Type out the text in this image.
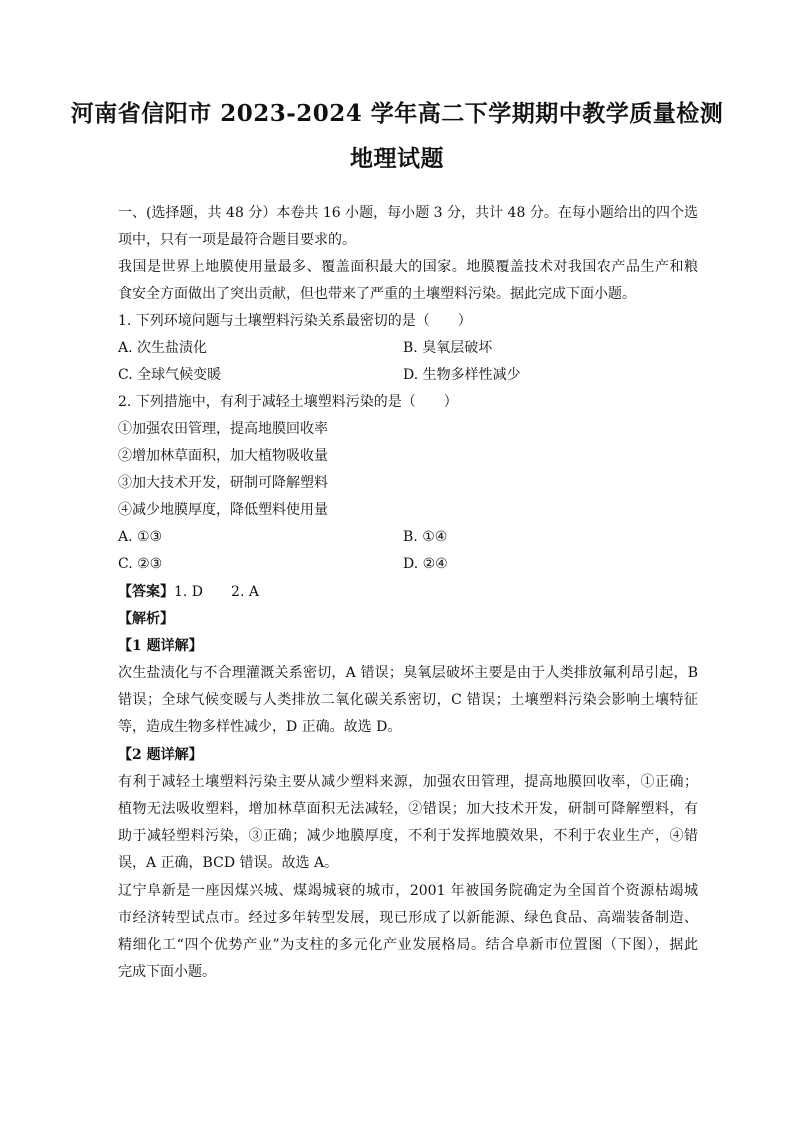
河南省信阳市 2023-2024 学年高二下学期期中教学质量检测
地理试题
一、(选择题，共 48 分）本卷共 16 小题，每小题 3 分，共计 48 分。在每小题给出的四个选
项中，只有一项是最符合题目要求的。
我国是世界上地膜使用量最多、覆盖面积最大的国家。地膜覆盖技术对我国农产品生产和粮
食安全方面做出了突出贡献，但也带来了严重的土壤塑料污染。据此完成下面小题。
1. 下列环境问题与土壤塑料污染关系最密切的是（　　）
A. 次生盐渍化	B. 臭氧层破坏
C. 全球气候变暖	D. 生物多样性减少
2. 下列措施中，有利于减轻土壤塑料污染的是（　　）
①加强农田管理，提高地膜回收率
②增加林草面积，加大植物吸收量
③加大技术开发，研制可降解塑料
④减少地膜厚度，降低塑料使用量
A. ①③	B. ①④
C. ②③	D. ②④
【答案】1. D 2. A
【解析】
【1 题详解】
次生盐渍化与不合理灌溉关系密切，A 错误；臭氧层破坏主要是由于人类排放氟利昂引起，B
错误；全球气候变暖与人类排放二氧化碳关系密切，C 错误；土壤塑料污染会影响土壤特征
等，造成生物多样性减少，D 正确。故选 D。
【2 题详解】
有利于减轻土壤塑料污染主要从减少塑料来源，加强农田管理，提高地膜回收率，①正确；
植物无法吸收塑料，增加林草面积无法减轻，②错误；加大技术开发，研制可降解塑料，有
助于减轻塑料污染，③正确；减少地膜厚度，不利于发挥地膜效果，不利于农业生产，④错
误，A 正确，BCD 错误。故选 A。
辽宁阜新是一座因煤兴城、煤竭城衰的城市，2001 年被国务院确定为全国首个资源枯竭城
市经济转型试点市。经过多年转型发展，现已形成了以新能源、绿色食品、高端装备制造、
精细化工“四个优势产业”为支柱的多元化产业发展格局。结合阜新市位置图（下图），据此
完成下面小题。
